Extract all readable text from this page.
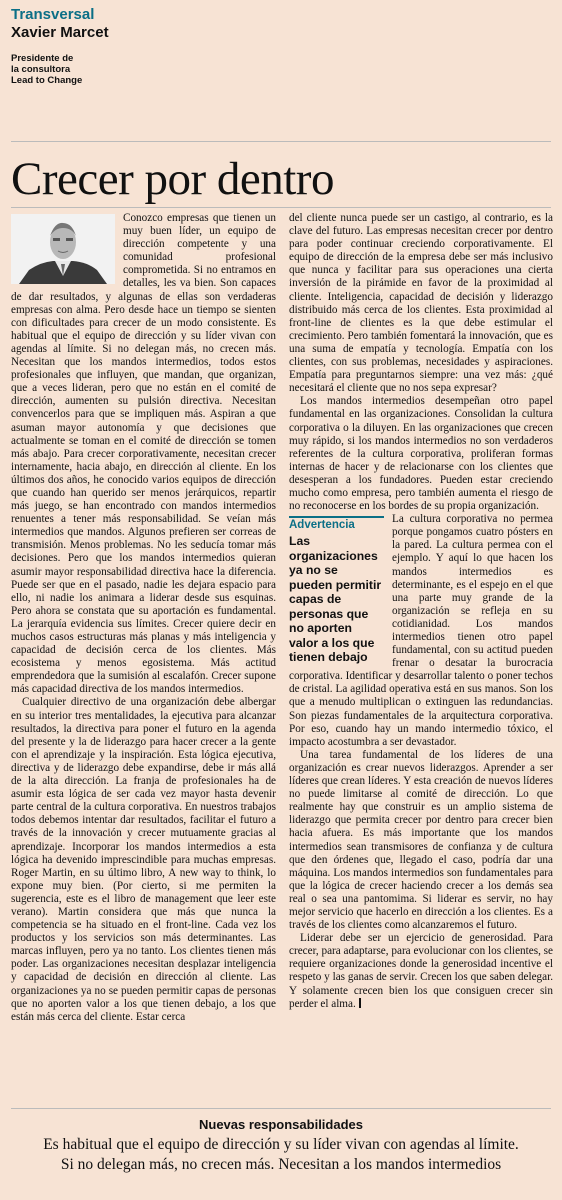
Transversal
Xavier Marcet
Presidente de
la consultora
Lead to Change
Crecer por dentro

Conozco empresas que tienen un muy buen líder, un equipo de dirección competente y una comunidad profesional comprometida. Si no entramos en detalles, les va bien. Son capaces de dar resultados, y algunas de ellas son verdaderas empresas con alma. Pero desde hace un tiempo se sienten con dificultades para crecer de un modo consistente. Es habitual que el equipo de dirección y su líder vivan con agendas al límite. Si no delegan más, no crecen más. Necesitan que los mandos intermedios, todos estos profesionales que influyen, que mandan, que organizan, que a veces lideran, pero que no están en el comité de dirección, aumenten su pulsión directiva. Necesitan convencerlos para que se impliquen más. Aspiran a que asuman mayor autonomía y que decisiones que actualmente se toman en el comité de dirección se tomen más abajo. Para crecer corporativamente, necesitan crecer internamente, hacia abajo, en dirección al cliente. En los últimos dos años, he conocido varios equipos de dirección que cuando han querido ser menos jerárquicos, repartir más juego, se han encontrado con mandos intermedios renuentes a tener más responsabilidad. Se veían más intermedios que mandos. Algunos prefieren ser correas de transmisión. Menos problemas. No les seducía tomar más decisiones. Pero que los mandos intermedios quieran asumir mayor responsabilidad directiva hace la diferencia. Puede ser que en el pasado, nadie les dejara espacio para ello, ni nadie los animara a liderar desde sus esquinas. Pero ahora se constata que su aportación es fundamental. La jerarquía evidencia sus límites. Crecer quiere decir en muchos casos estructuras más planas y más inteligencia y capacidad de decisión cerca de los clientes. Más ecosistema y menos egosistema. Más actitud emprendedora que la sumisión al escalafón. Crecer supone más capacidad directiva de los mandos intermedios.

Cualquier directivo de una organización debe albergar en su interior tres mentalidades, la ejecutiva para alcanzar resultados, la directiva para poner el futuro en la agenda del presente y la de liderazgo para hacer crecer a la gente con el aprendizaje y la inspiración. Esta lógica ejecutiva, directiva y de liderazgo debe expandirse, debe ir más allá de la alta dirección. La franja de profesionales ha de asumir esta lógica de ser cada vez mayor hasta devenir parte central de la cultura corporativa. En nuestros trabajos todos debemos intentar dar resultados, facilitar el futuro a través de la innovación y crecer mutuamente gracias al aprendizaje. Incorporar los mandos intermedios a esta lógica ha devenido imprescindible para muchas empresas. Roger Martin, en su último libro, A new way to think, lo expone muy bien. (Por cierto, si me permiten la sugerencia, este es el libro de management que leer este verano). Martin considera que más que nunca la competencia se ha situado en el front-line. Cada vez los productos y los servicios son más determinantes. Las marcas influyen, pero ya no tanto. Los clientes tienen más poder. Las organizaciones necesitan desplazar inteligencia y capacidad de decisión en dirección al cliente. Las organizaciones ya no se pueden permitir capas de personas que no aporten valor a los que tienen debajo, a los que están más cerca del cliente. Estar cerca

del cliente nunca puede ser un castigo, al contrario, es la clave del futuro. Las empresas necesitan crecer por dentro para poder continuar creciendo corporativamente. El equipo de dirección de la empresa debe ser más inclusivo que nunca y facilitar para sus operaciones una cierta inversión de la pirámide en favor de la proximidad al cliente. Inteligencia, capacidad de decisión y liderazgo distribuido más cerca de los clientes. Esta proximidad al front-line de clientes es la que debe estimular el crecimiento. Pero también fomentará la innovación, que es una suma de empatía y tecnología. Empatía con los clientes, con sus problemas, necesidades y aspiraciones. Empatía para preguntarnos siempre: una vez más: ¿qué necesitará el cliente que no nos sepa expresar?

Los mandos intermedios desempeñan otro papel fundamental en las organizaciones. Consolidan la cultura corporativa o la diluyen. En las organizaciones que crecen muy rápido, si los mandos intermedios no son verdaderos referentes de la cultura corporativa, proliferan formas internas de hacer y de relacionarse con los clientes que desesperan a los fundadores. Pueden estar creciendo mucho como empresa, pero también aumenta el riesgo de no reconocerse en los bordes de su propia organización.

Advertencia
Las organizaciones ya no se pueden permitir capas de personas que no aporten valor a los que tienen debajo

La cultura corporativa no permea porque pongamos cuatro pósters en la pared. La cultura permea con el ejemplo. Y aquí lo que hacen los mandos intermedios es determinante, es el espejo en el que una parte muy grande de la organización se refleja en su cotidianidad. Los mandos intermedios tienen otro papel fundamental, con su actitud pueden frenar o desatar la burocracia corporativa. Identificar y desarrollar talento o poner techos de cristal. La agilidad operativa está en sus manos. Son los que a menudo multiplican o extinguen las redundancias. Son piezas fundamentales de la arquitectura corporativa. Por eso, cuando hay un mando intermedio tóxico, el impacto acostumbra a ser devastador.

Una tarea fundamental de los líderes de una organización es crear nuevos liderazgos. Aprender a ser líderes que crean líderes. Y esta creación de nuevos líderes no puede limitarse al comité de dirección. Lo que realmente hay que construir es un amplio sistema de liderazgo que permita crecer por dentro para crecer bien hacia afuera. Es más importante que los mandos intermedios sean transmisores de confianza y de cultura que den órdenes que, llegado el caso, podría dar una máquina. Los mandos intermedios son fundamentales para que la lógica de crecer haciendo crecer a los demás sea real o sea una pantomima. Si liderar es servir, no hay mejor servicio que hacerlo en dirección a los clientes. Es a través de los clientes como alcanzaremos el futuro.

Liderar debe ser un ejercicio de generosidad. Para crecer, para adaptarse, para evolucionar con los clientes, se requiere organizaciones donde la generosidad incentive el respeto y las ganas de servir. Crecen los que saben delegar. Y solamente crecen bien los que consiguen crecer sin perder el alma.

Nuevas responsabilidades
Es habitual que el equipo de dirección y su líder vivan con agendas al límite. Si no delegan más, no crecen más. Necesitan a los mandos intermedios
